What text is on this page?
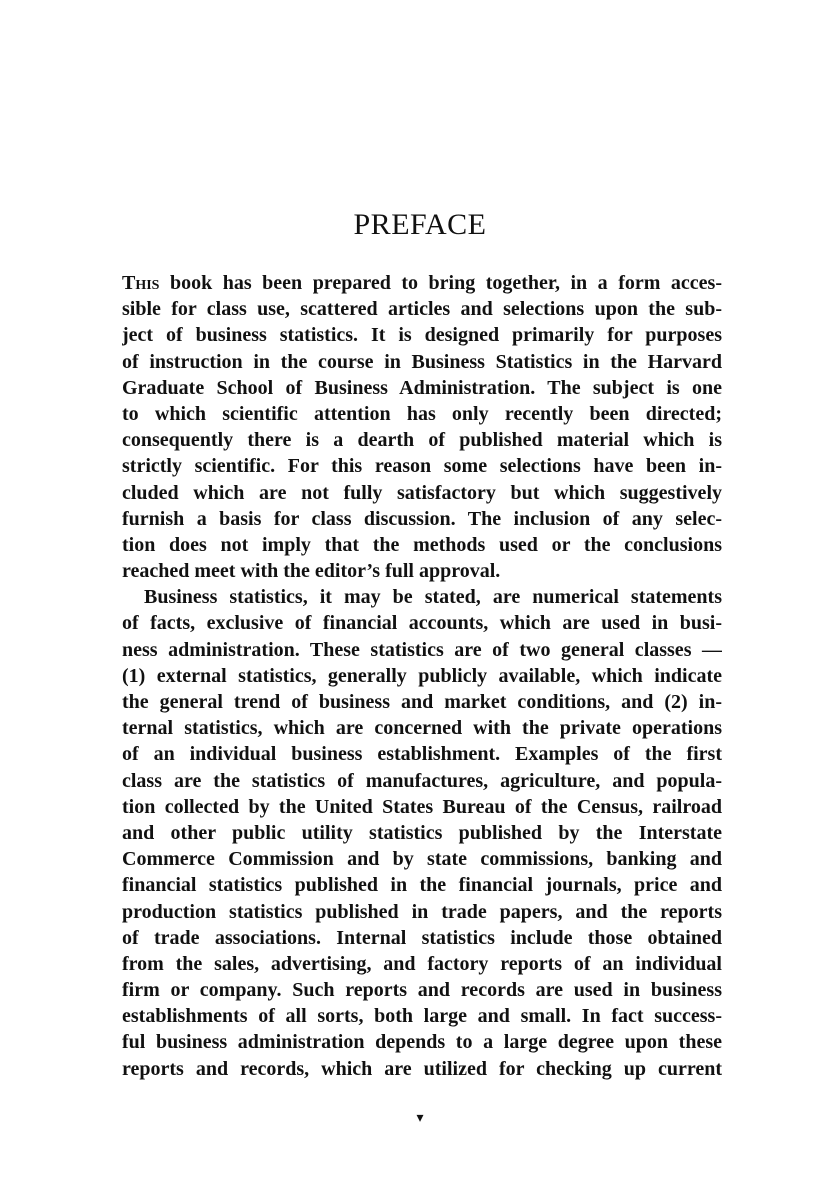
PREFACE
This book has been prepared to bring together, in a form acces-
sible for class use, scattered articles and selections upon the sub-
ject of business statistics. It is designed primarily for purposes
of instruction in the course in Business Statistics in the Harvard
Graduate School of Business Administration. The subject is one
to which scientific attention has only recently been directed;
consequently there is a dearth of published material which is
strictly scientific. For this reason some selections have been in-
cluded which are not fully satisfactory but which suggestively
furnish a basis for class discussion. The inclusion of any selec-
tion does not imply that the methods used or the conclusions
reached meet with the editor’s full approval.
Business statistics, it may be stated, are numerical statements
of facts, exclusive of financial accounts, which are used in busi-
ness administration. These statistics are of two general classes —
(1) external statistics, generally publicly available, which indicate
the general trend of business and market conditions, and (2) in-
ternal statistics, which are concerned with the private operations
of an individual business establishment. Examples of the first
class are the statistics of manufactures, agriculture, and popula-
tion collected by the United States Bureau of the Census, railroad
and other public utility statistics published by the Interstate
Commerce Commission and by state commissions, banking and
financial statistics published in the financial journals, price and
production statistics published in trade papers, and the reports
of trade associations. Internal statistics include those obtained
from the sales, advertising, and factory reports of an individual
firm or company. Such reports and records are used in business
establishments of all sorts, both large and small. In fact success-
ful business administration depends to a large degree upon these
reports and records, which are utilized for checking up current
▾
